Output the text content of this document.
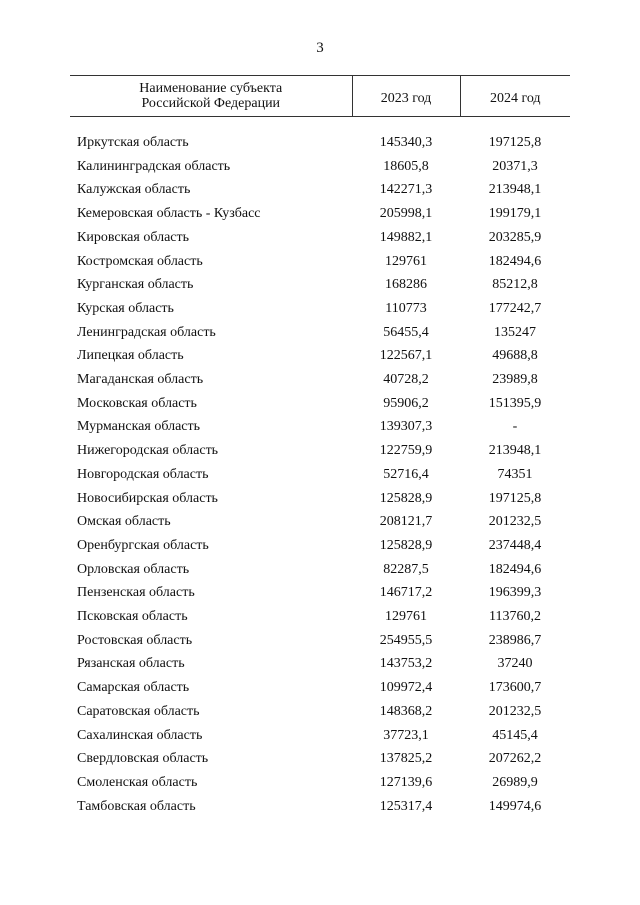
3
Наименование субъекта
Российской Федерации	2023 год	2024 год

Иркутская область	145340,3	197125,8
Калининградская область	18605,8	20371,3
Калужская область	142271,3	213948,1
Кемеровская область - Кузбасс	205998,1	199179,1
Кировская область	149882,1	203285,9
Костромская область	129761	182494,6
Курганская область	168286	85212,8
Курская область	110773	177242,7
Ленинградская область	56455,4	135247
Липецкая область	122567,1	49688,8
Магаданская область	40728,2	23989,8
Московская область	95906,2	151395,9
Мурманская область	139307,3	-
Нижегородская область	122759,9	213948,1
Новгородская область	52716,4	74351
Новосибирская область	125828,9	197125,8
Омская область	208121,7	201232,5
Оренбургская область	125828,9	237448,4
Орловская область	82287,5	182494,6
Пензенская область	146717,2	196399,3
Псковская область	129761	113760,2
Ростовская область	254955,5	238986,7
Рязанская область	143753,2	37240
Самарская область	109972,4	173600,7
Саратовская область	148368,2	201232,5
Сахалинская область	37723,1	45145,4
Свердловская область	137825,2	207262,2
Смоленская область	127139,6	26989,9
Тамбовская область	125317,4	149974,6
